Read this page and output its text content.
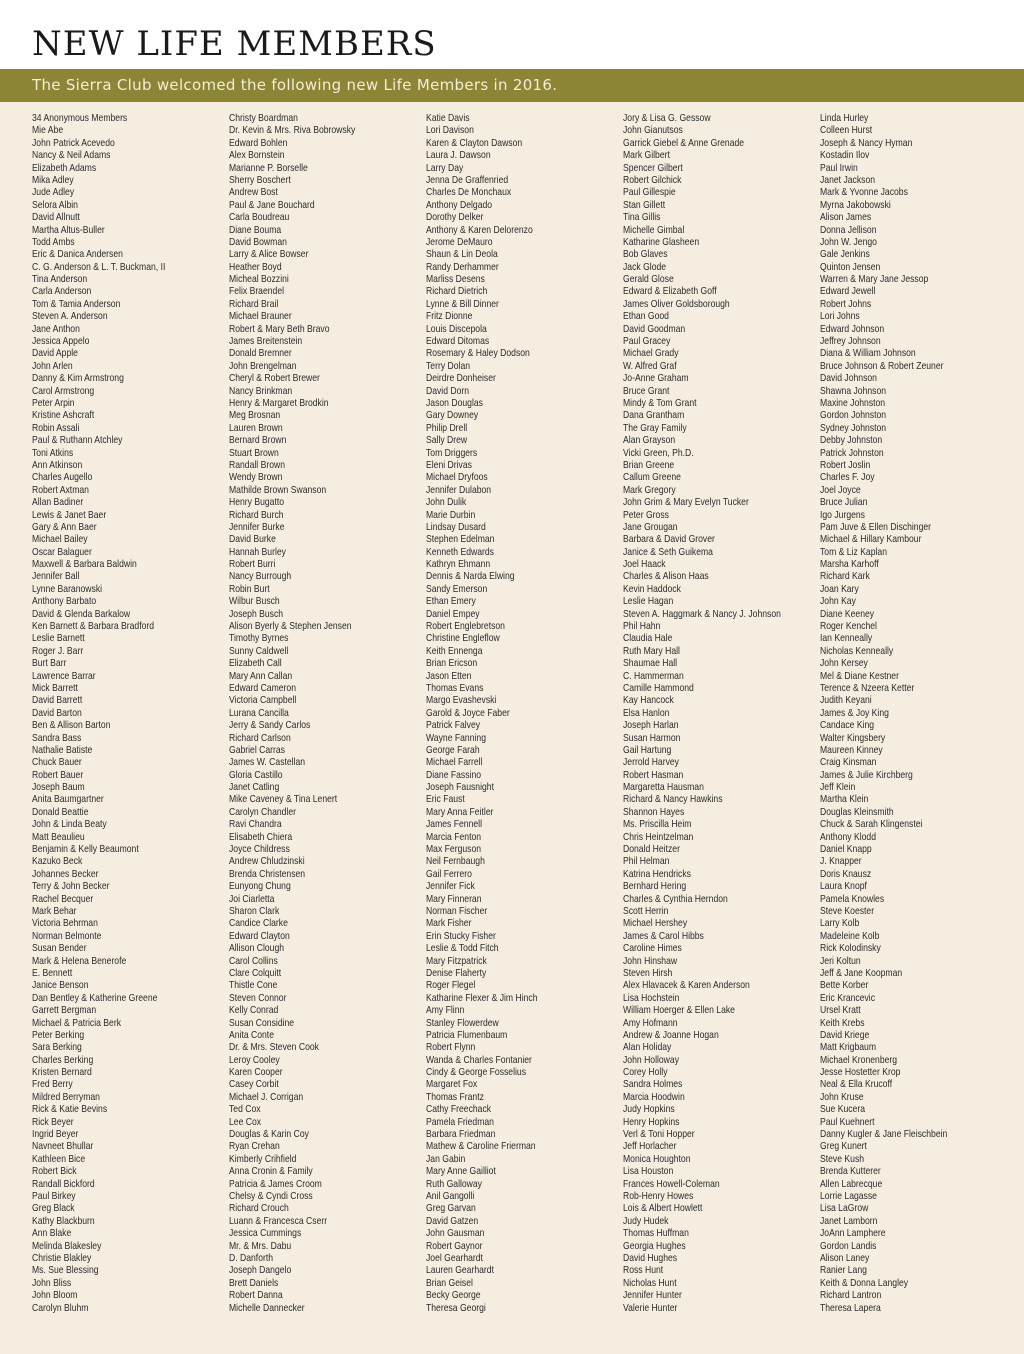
NEW LIFE MEMBERS
The Sierra Club welcomed the following new Life Members in 2016.
34 Anonymous Members
Mie Abe
John Patrick Acevedo
Nancy & Neil Adams
Elizabeth Adams
Mika Adley
Jude Adley
Selora Albin
David Allnutt
Martha Altus-Buller
Todd Ambs
Eric & Danica Andersen
C. G. Anderson & L. T. Buckman, II
Tina Anderson
Carla Anderson
Tom & Tamia Anderson
Steven A. Anderson
Jane Anthon
Jessica Appelo
David Apple
John Arlen
Danny & Kim Armstrong
Carol Armstrong
Peter Arpin
Kristine Ashcraft
Robin Assali
Paul & Ruthann Atchley
Toni Atkins
Ann Atkinson
Charles Augello
Robert Axtman
Allan Badiner
Lewis & Janet Baer
Gary & Ann Baer
Michael Bailey
Oscar Balaguer
Maxwell & Barbara Baldwin
Jennifer Ball
Lynne Baranowski
Anthony Barbato
David & Glenda Barkalow
Ken Barnett & Barbara Bradford
Leslie Barnett
Roger J. Barr
Burt Barr
Lawrence Barrar
Mick Barrett
David Barrett
David Barton
Ben & Allison Barton
Sandra Bass
Nathalie Batiste
Chuck Bauer
Robert Bauer
Joseph Baum
Anita Baumgartner
Donald Beattie
John & Linda Beaty
Matt Beaulieu
Benjamin & Kelly Beaumont
Kazuko Beck
Johannes Becker
Terry & John Becker
Rachel Becquer
Mark Behar
Victoria Behrman
Norman Belmonte
Susan Bender
Mark & Helena Benerofe
E. Bennett
Janice Benson
Dan Bentley & Katherine Greene
Garrett Bergman
Michael & Patricia Berk
Peter Berking
Sara Berking
Charles Berking
Kristen Bernard
Fred Berry
Mildred Berryman
Rick & Katie Bevins
Rick Beyer
Ingrid Beyer
Navneet Bhullar
Kathleen Bice
Robert Bick
Randall Bickford
Paul Birkey
Greg Black
Kathy Blackburn
Ann Blake
Melinda Blakesley
Christie Blakley
Ms. Sue Blessing
John Bliss
John Bloom
Carolyn Bluhm
Christy Boardman
Dr. Kevin & Mrs. Riva Bobrowsky
Edward Bohlen
Alex Bornstein
Marianne P. Borselle
Sherry Boschert
Andrew Bost
Paul & Jane Bouchard
Carla Boudreau
Diane Bouma
David Bowman
Larry & Alice Bowser
Heather Boyd
Micheal Bozzini
Felix Braendel
Richard Brail
Michael Brauner
Robert & Mary Beth Bravo
James Breitenstein
Donald Bremner
John Brengelman
Cheryl & Robert Brewer
Nancy Brinkman
Henry & Margaret Brodkin
Meg Brosnan
Lauren Brown
Bernard Brown
Stuart Brown
Randall Brown
Wendy Brown
Mathilde Brown Swanson
Henry Bugatto
Richard Burch
Jennifer Burke
David Burke
Hannah Burley
Robert Burri
Nancy Burrough
Robin Burt
Wilbur Busch
Joseph Busch
Alison Byerly & Stephen Jensen
Timothy Byrnes
Sunny Caldwell
Elizabeth Call
Mary Ann Callan
Edward Cameron
Victoria Campbell
Lurana Cancilla
Jerry & Sandy Carlos
Richard Carlson
Gabriel Carras
James W. Castellan
Gloria Castillo
Janet Catling
Mike Caveney & Tina Lenert
Carolyn Chandler
Ravi Chandra
Elisabeth Chiera
Joyce Childress
Andrew Chludzinski
Brenda Christensen
Eunyong Chung
Joi Ciarletta
Sharon Clark
Candice Clarke
Edward Clayton
Allison Clough
Carol Collins
Clare Colquitt
Thistle Cone
Steven Connor
Kelly Conrad
Susan Considine
Anita Conte
Dr. & Mrs. Steven Cook
Leroy Cooley
Karen Cooper
Casey Corbit
Michael J. Corrigan
Ted Cox
Lee Cox
Douglas & Karin Coy
Ryan Crehan
Kimberly Crihfield
Anna Cronin & Family
Patricia & James Croom
Chelsy & Cyndi Cross
Richard Crouch
Luann & Francesca Cserr
Jessica Cummings
Mr. & Mrs. Dabu
D. Danforth
Joseph Dangelo
Brett Daniels
Robert Danna
Michelle Dannecker
Katie Davis
Lori Davison
Karen & Clayton Dawson
Laura J. Dawson
Larry Day
Jenna De Graffenried
Charles De Monchaux
Anthony Delgado
Dorothy Delker
Anthony & Karen Delorenzo
Jerome DeMauro
Shaun & Lin Deola
Randy Derhammer
Marliss Desens
Richard Dietrich
Lynne & Bill Dinner
Fritz Dionne
Louis Discepola
Edward Ditomas
Rosemary & Haley Dodson
Terry Dolan
Deirdre Donheiser
David Dorn
Jason Douglas
Gary Downey
Philip Drell
Sally Drew
Tom Driggers
Eleni Drivas
Michael Dryfoos
Jennifer Dulabon
John Dulik
Marie Durbin
Lindsay Dusard
Stephen Edelman
Kenneth Edwards
Kathryn Ehmann
Dennis & Narda Elwing
Sandy Emerson
Ethan Emery
Daniel Empey
Robert Englebretson
Christine Engleflow
Keith Ennenga
Brian Ericson
Jason Etten
Thomas Evans
Margo Evashevski
Garold & Joyce Faber
Patrick Falvey
Wayne Fanning
George Farah
Michael Farrell
Diane Fassino
Joseph Fausnight
Eric Faust
Mary Anna Feitler
James Fennell
Marcia Fenton
Max Ferguson
Neil Fernbaugh
Gail Ferrero
Jennifer Fick
Mary Finneran
Norman Fischer
Mark Fisher
Erin Stucky Fisher
Leslie & Todd Fitch
Mary Fitzpatrick
Denise Flaherty
Roger Flegel
Katharine Flexer & Jim Hinch
Amy Flinn
Stanley Flowerdew
Patricia Flumenbaum
Robert Flynn
Wanda & Charles Fontanier
Cindy & George Fosselius
Margaret Fox
Thomas Frantz
Cathy Freechack
Pamela Friedman
Barbara Friedman
Mathew & Caroline Frierman
Jan Gabin
Mary Anne Gailliot
Ruth Galloway
Anil Gangolli
Greg Garvan
David Gatzen
John Gausman
Robert Gaynor
Joel Gearhardt
Lauren Gearhardt
Brian Geisel
Becky George
Theresa Georgi
Jory & Lisa G. Gessow
John Gianutsos
Garrick Giebel & Anne Grenade
Mark Gilbert
Spencer Gilbert
Robert Gilchick
Paul Gillespie
Stan Gillett
Tina Gillis
Michelle Gimbal
Katharine Glasheen
Bob Glaves
Jack Glode
Gerald Glose
Edward & Elizabeth Goff
James Oliver Goldsborough
Ethan Good
David Goodman
Paul Gracey
Michael Grady
W. Alfred Graf
Jo-Anne Graham
Bruce Grant
Mindy & Tom Grant
Dana Grantham
The Gray Family
Alan Grayson
Vicki Green, Ph.D.
Brian Greene
Callum Greene
Mark Gregory
John Grim & Mary Evelyn Tucker
Peter Gross
Jane Grougan
Barbara & David Grover
Janice & Seth Guikema
Joel Haack
Charles & Alison Haas
Kevin Haddock
Leslie Hagan
Steven A. Haggmark & Nancy J. Johnson
Phil Hahn
Claudia Hale
Ruth Mary Hall
Shaumae Hall
C. Hammerman
Camille Hammond
Kay Hancock
Elsa Hanlon
Joseph Harlan
Susan Harmon
Gail Hartung
Jerrold Harvey
Robert Hasman
Margaretta Hausman
Richard & Nancy Hawkins
Shannon Hayes
Ms. Priscilla Heim
Chris Heintzelman
Donald Heitzer
Phil Helman
Katrina Hendricks
Bernhard Hering
Charles & Cynthia Herndon
Scott Herrin
Michael Hershey
James & Carol Hibbs
Caroline Himes
John Hinshaw
Steven Hirsh
Alex Hlavacek & Karen Anderson
Lisa Hochstein
William Hoerger & Ellen Lake
Amy Hofmann
Andrew & Joanne Hogan
Alan Holiday
John Holloway
Corey Holly
Sandra Holmes
Marcia Hoodwin
Judy Hopkins
Henry Hopkins
Verl & Toni Hopper
Jeff Horlacher
Monica Houghton
Lisa Houston
Frances Howell-Coleman
Rob-Henry Howes
Lois & Albert Howlett
Judy Hudek
Thomas Huffman
Georgia Hughes
David Hughes
Ross Hunt
Nicholas Hunt
Jennifer Hunter
Valerie Hunter
Linda Hurley
Colleen Hurst
Joseph & Nancy Hyman
Kostadin Ilov
Paul Irwin
Janet Jackson
Mark & Yvonne Jacobs
Myrna Jakobowski
Alison James
Donna Jellison
John W. Jengo
Gale Jenkins
Quinton Jensen
Warren & Mary Jane Jessop
Edward Jewell
Robert Johns
Lori Johns
Edward Johnson
Jeffrey Johnson
Diana & William Johnson
Bruce Johnson & Robert Zeuner
David Johnson
Shawna Johnson
Maxine Johnston
Gordon Johnston
Sydney Johnston
Debby Johnston
Patrick Johnston
Robert Joslin
Charles F. Joy
Joel Joyce
Bruce Julian
Igo Jurgens
Pam Juve & Ellen Dischinger
Michael & Hillary Kambour
Tom & Liz Kaplan
Marsha Karhoff
Richard Kark
Joan Kary
John Kay
Diane Keeney
Roger Kenchel
Ian Kenneally
Nicholas Kenneally
John Kersey
Mel & Diane Kestner
Terence & Nzeera Ketter
Judith Keyani
James & Joy King
Candace King
Walter Kingsbery
Maureen Kinney
Craig Kinsman
James & Julie Kirchberg
Jeff Klein
Martha Klein
Douglas Kleinsmith
Chuck & Sarah Klingenstei
Anthony Klodd
Daniel Knapp
J. Knapper
Doris Knausz
Laura Knopf
Pamela Knowles
Steve Koester
Larry Kolb
Madeleine Kolb
Rick Kolodinsky
Jeri Koltun
Jeff & Jane Koopman
Bette Korber
Eric Krancevic
Ursel Kratt
Keith Krebs
David Kriege
Matt Krigbaum
Michael Kronenberg
Jesse Hostetter Krop
Neal & Ella Krucoff
John Kruse
Sue Kucera
Paul Kuehnert
Danny Kugler & Jane Fleischbein
Greg Kunert
Steve Kush
Brenda Kutterer
Allen Labrecque
Lorrie Lagasse
Lisa LaGrow
Janet Lamborn
JoAnn Lamphere
Gordon Landis
Alison Laney
Ranier Lang
Keith & Donna Langley
Richard Lantron
Theresa Lapera
